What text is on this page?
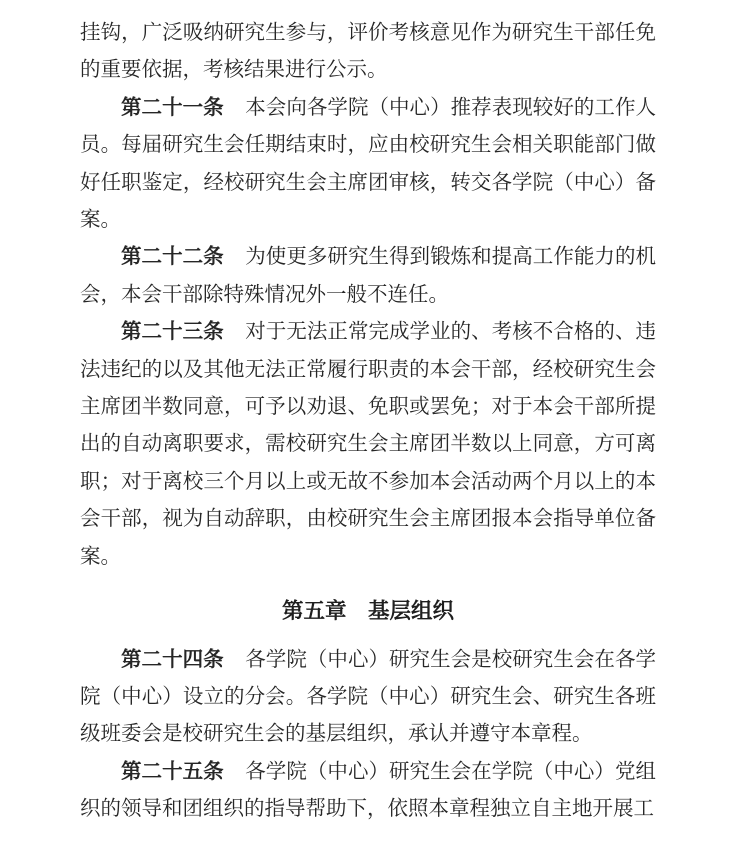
挂钩，广泛吸纳研究生参与，评价考核意见作为研究生干部任免的重要依据，考核结果进行公示。

第二十一条 本会向各学院（中心）推荐表现较好的工作人员。每届研究生会任期结束时，应由校研究生会相关职能部门做好任职鉴定，经校研究生会主席团审核，转交各学院（中心）备案。

第二十二条 为使更多研究生得到锻炼和提高工作能力的机会，本会干部除特殊情况外一般不连任。

第二十三条 对于无法正常完成学业的、考核不合格的、违法违纪的以及其他无法正常履行职责的本会干部，经校研究生会主席团半数同意，可予以劝退、免职或罢免；对于本会干部所提出的自动离职要求，需校研究生会主席团半数以上同意，方可离职；对于离校三个月以上或无故不参加本会活动两个月以上的本会干部，视为自动辞职，由校研究生会主席团报本会指导单位备案。

第五章　基层组织

第二十四条 各学院（中心）研究生会是校研究生会在各学院（中心）设立的分会。各学院（中心）研究生会、研究生各班级班委会是校研究生会的基层组织，承认并遵守本章程。

第二十五条 各学院（中心）研究生会在学院（中心）党组织的领导和团组织的指导帮助下，依照本章程独立自主地开展工
